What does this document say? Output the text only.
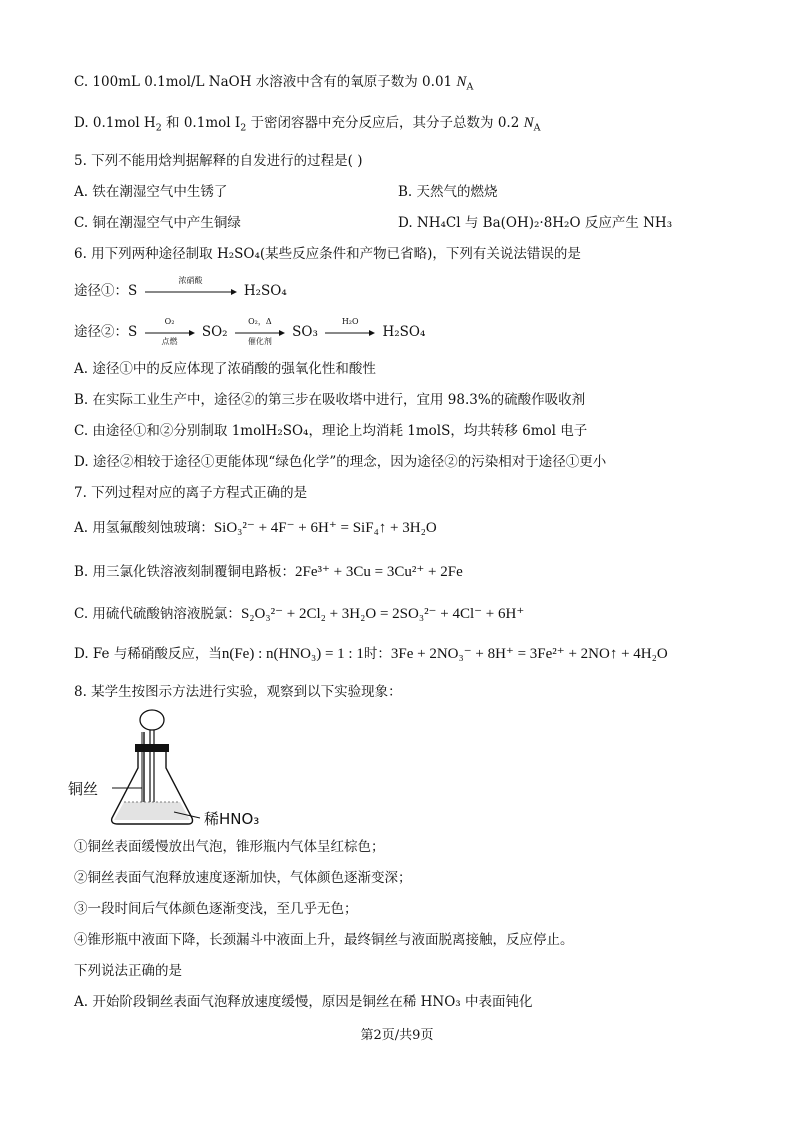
C. 100mL 0.1mol/L NaOH 水溶液中含有的氧原子数为 0.01 $N_A$
D. 0.1mol $H_2$ 和 0.1mol $I_2$ 于密闭容器中充分反应后，其分子总数为 0.2 $N_A$
5. 下列不能用焓判据解释的自发进行的过程是( )
A. 铁在潮湿空气中生锈了	B. 天然气的燃烧
C. 铜在潮湿空气中产生铜绿	D. NH₄Cl 与 Ba(OH)₂·8H₂O 反应产生 NH₃
6. 用下列两种途径制取 H₂SO₄(某些反应条件和产物已省略)，下列有关说法错误的是
途径①：S
浓硝酸
H₂SO₄
途径②：S
O₂
点燃
SO₂
O₂，Δ
催化剂
SO₃
H₂O
H₂SO₄
A. 途径①中的反应体现了浓硝酸的强氧化性和酸性
B. 在实际工业生产中，途径②的第三步在吸收塔中进行，宜用 98.3%的硫酸作吸收剂
C. 由途径①和②分别制取 1molH₂SO₄，理论上均消耗 1molS，均共转移 6mol 电子
D. 途径②相较于途径①更能体现“绿色化学”的理念，因为途径②的污染相对于途径①更小
7. 下列过程对应的离子方程式正确的是
A. 用氢氟酸刻蚀玻璃：SiO₃²⁻ + 4F⁻ + 6H⁺ = SiF₄↑ + 3H₂O
B. 用三氯化铁溶液刻制覆铜电路板：2Fe³⁺ + 3Cu = 3Cu²⁺ + 2Fe
C. 用硫代硫酸钠溶液脱氯：S₂O₃²⁻ + 2Cl₂ + 3H₂O = 2SO₃²⁻ + 4Cl⁻ + 6H⁺
D. Fe 与稀硝酸反应，当n(Fe) : n(HNO₃) = 1 : 1时：3Fe + 2NO₃⁻ + 8H⁺ = 3Fe²⁺ + 2NO↑ + 4H₂O
8. 某学生按图示方法进行实验，观察到以下实验现象：
铜丝
稀HNO₃
①铜丝表面缓慢放出气泡，锥形瓶内气体呈红棕色；
②铜丝表面气泡释放速度逐渐加快，气体颜色逐渐变深；
③一段时间后气体颜色逐渐变浅，至几乎无色；
④锥形瓶中液面下降，长颈漏斗中液面上升，最终铜丝与液面脱离接触，反应停止。
下列说法正确的是
A. 开始阶段铜丝表面气泡释放速度缓慢，原因是铜丝在稀 HNO₃ 中表面钝化
第2页/共9页
